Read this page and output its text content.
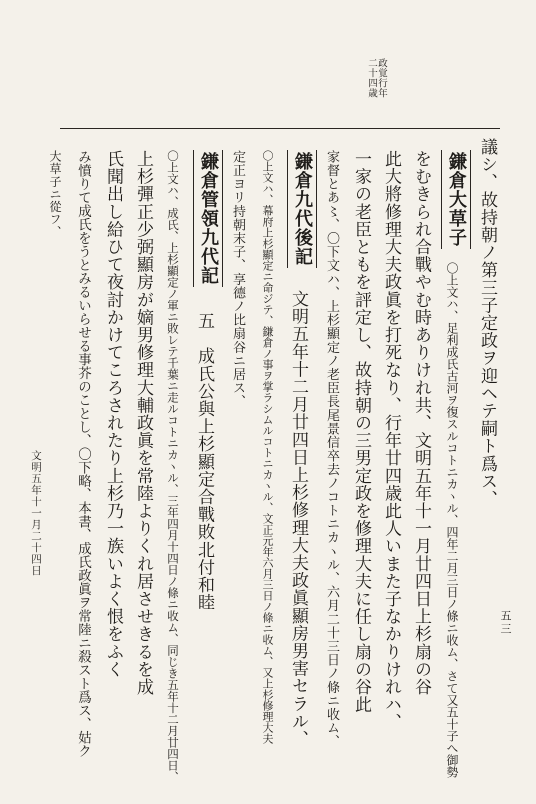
政覚行年
二十四歳
議シ、故持朝ノ第三子定政ヲ迎ヘテ嗣ト爲ス、
鎌倉大草子
〇上文ハ、足利成氏古河ヲ復スルコトニカヽル、四年二月三日ノ條ニ收ム、さて又五十子へ御勢
をむきられ合戰やむ時ありけれ共、文明五年十一月廿四日上杉扇の谷
此大將修理大夫政眞を打死なり、行年廿四歳此人いまた子なかりけれハ、
一家の老臣ともを評定し、故持朝の三男定政を修理大夫に任し扇の谷此
家督とあ〻、〇下文ハ、上杉顯定ノ老臣長尾景信卒去ノコトニカヽル、六月二十三日ノ條ニ收ム、
鎌倉九代後記
文明五年十二月廿四日上杉修理大夫政眞顯房男害セラル、
〇上文ハ、幕府上杉顯定ニ命ジテ、鎌倉ノ事ヲ掌ラシムルコトニカヽル、文正元年六月三日ノ條ニ收ム、又上杉修理大夫
定正ヨリ持朝末子、享德ノ比扇谷ニ居ス、
鎌倉管領九代記
五　成氏公與上杉顯定合戰敗北付和睦
〇上文ハ、成氏、上杉顯定ノ軍ニ敗レテ千葉ニ走ルコトニカヽル、三年四月十四日ノ條ニ收ム、同じき五年十二月廿四日、
上杉彈正少弼顯房が嫡男修理大輔政眞を常陸よりくれ居させきるを成
氏聞出し給ひて夜討かけてころされたり上杉乃一族いよく恨をふく
み憤りて成氏をうとみるいらせる事芥のことし、〇下略、本書、成氏政眞ヲ常陸ニ殺スト爲ス、姑ク
大草子ニ從フ、
文明五年十一月二十四日
五三
